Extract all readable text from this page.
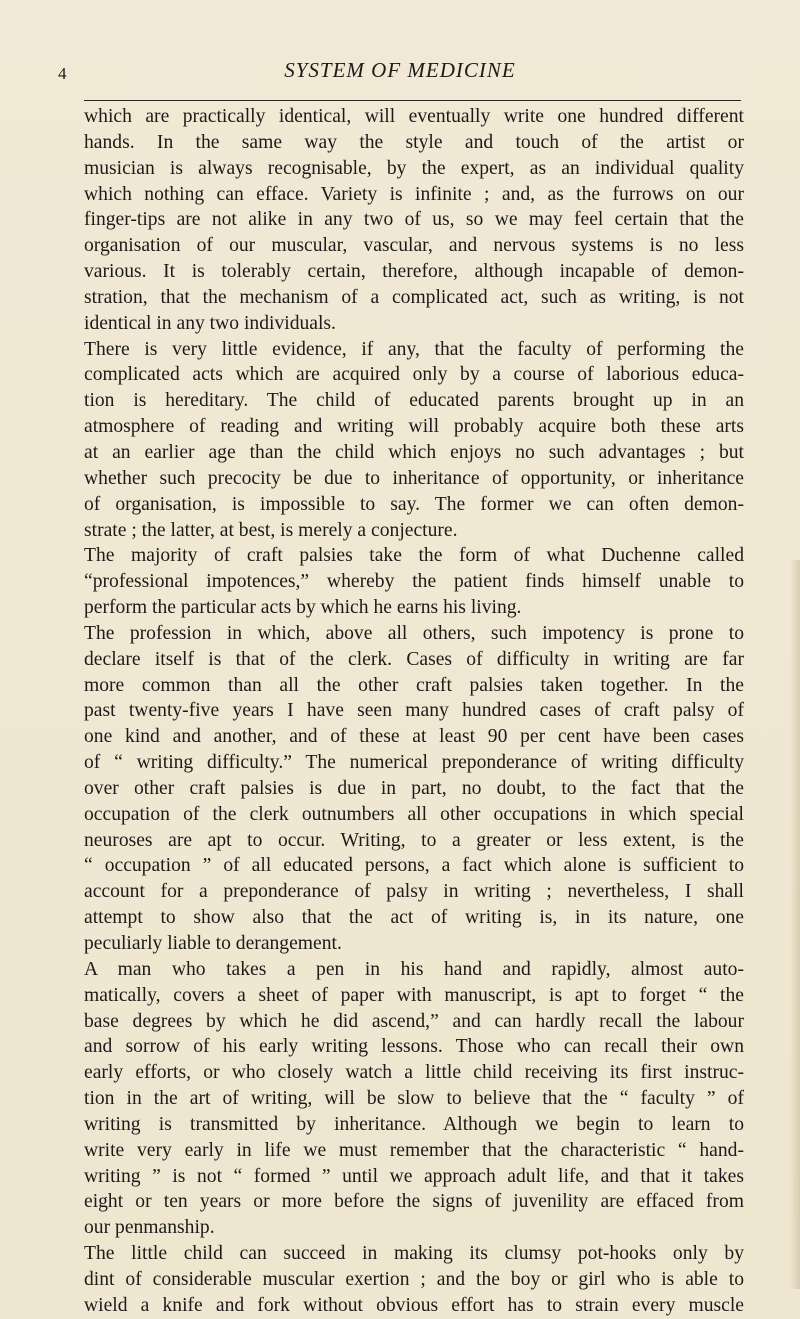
4	SYSTEM OF MEDICINE
which are practically identical, will eventually write one hundred different
hands. In the same way the style and touch of the artist or
musician is always recognisable, by the expert, as an individual quality
which nothing can efface. Variety is infinite ; and, as the furrows on our
finger-tips are not alike in any two of us, so we may feel certain that the
organisation of our muscular, vascular, and nervous systems is no less
various. It is tolerably certain, therefore, although incapable of demon-
stration, that the mechanism of a complicated act, such as writing, is not
identical in any two individuals.
There is very little evidence, if any, that the faculty of performing the
complicated acts which are acquired only by a course of laborious educa-
tion is hereditary. The child of educated parents brought up in an
atmosphere of reading and writing will probably acquire both these arts
at an earlier age than the child which enjoys no such advantages ; but
whether such precocity be due to inheritance of opportunity, or inheritance
of organisation, is impossible to say. The former we can often demon-
strate ; the latter, at best, is merely a conjecture.
The majority of craft palsies take the form of what Duchenne called
“professional impotences,” whereby the patient finds himself unable to
perform the particular acts by which he earns his living.
The profession in which, above all others, such impotency is prone to
declare itself is that of the clerk. Cases of difficulty in writing are far
more common than all the other craft palsies taken together. In the
past twenty-five years I have seen many hundred cases of craft palsy of
one kind and another, and of these at least 90 per cent have been cases
of “ writing difficulty.” The numerical preponderance of writing difficulty
over other craft palsies is due in part, no doubt, to the fact that the
occupation of the clerk outnumbers all other occupations in which special
neuroses are apt to occur. Writing, to a greater or less extent, is the
“ occupation ” of all educated persons, a fact which alone is sufficient to
account for a preponderance of palsy in writing ; nevertheless, I shall
attempt to show also that the act of writing is, in its nature, one
peculiarly liable to derangement.
A man who takes a pen in his hand and rapidly, almost auto-
matically, covers a sheet of paper with manuscript, is apt to forget “ the
base degrees by which he did ascend,” and can hardly recall the labour
and sorrow of his early writing lessons. Those who can recall their own
early efforts, or who closely watch a little child receiving its first instruc-
tion in the art of writing, will be slow to believe that the “ faculty ” of
writing is transmitted by inheritance. Although we begin to learn to
write very early in life we must remember that the characteristic “ hand-
writing ” is not “ formed ” until we approach adult life, and that it takes
eight or ten years or more before the signs of juvenility are effaced from
our penmanship.
The little child can succeed in making its clumsy pot-hooks only by
dint of considerable muscular exertion ; and the boy or girl who is able to
wield a knife and fork without obvious effort has to strain every muscle
